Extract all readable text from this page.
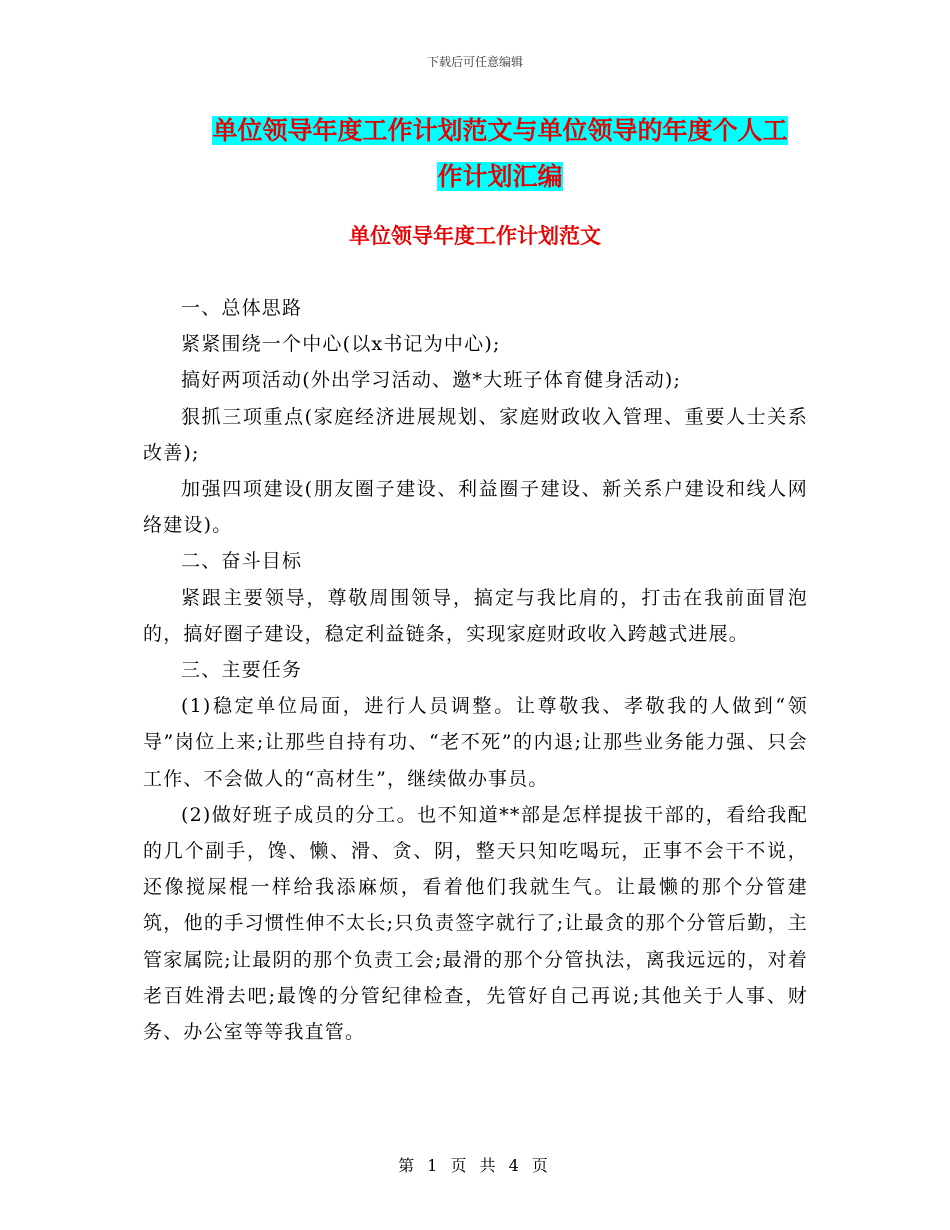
下载后可任意编辑
单位领导年度工作计划范文与单位领导的年度个人工
作计划汇编
单位领导年度工作计划范文

一、总体思路

紧紧围绕一个中心(以x书记为中心);

搞好两项活动(外出学习活动、邀*大班子体育健身活动);

狠抓三项重点(家庭经济进展规划、家庭财政收入管理、重要人士关系改善);

加强四项建设(朋友圈子建设、利益圈子建设、新关系户建设和线人网络建设)。

二、奋斗目标

紧跟主要领导，尊敬周围领导，搞定与我比肩的，打击在我前面冒泡的，搞好圈子建设，稳定利益链条，实现家庭财政收入跨越式进展。

三、主要任务

(1)稳定单位局面，进行人员调整。让尊敬我、孝敬我的人做到“领导”岗位上来;让那些自持有功、“老不死”的内退;让那些业务能力强、只会工作、不会做人的“高材生”，继续做办事员。

(2)做好班子成员的分工。也不知道**部是怎样提拔干部的，看给我配的几个副手，馋、懒、滑、贪、阴，整天只知吃喝玩，正事不会干不说，还像搅屎棍一样给我添麻烦，看着他们我就生气。让最懒的那个分管建筑，他的手习惯性伸不太长;只负责签字就行了;让最贪的那个分管后勤，主管家属院;让最阴的那个负责工会;最滑的那个分管执法，离我远远的，对着老百姓滑去吧;最馋的分管纪律检查，先管好自己再说;其他关于人事、财务、办公室等等我直管。

第 1 页 共 4 页
